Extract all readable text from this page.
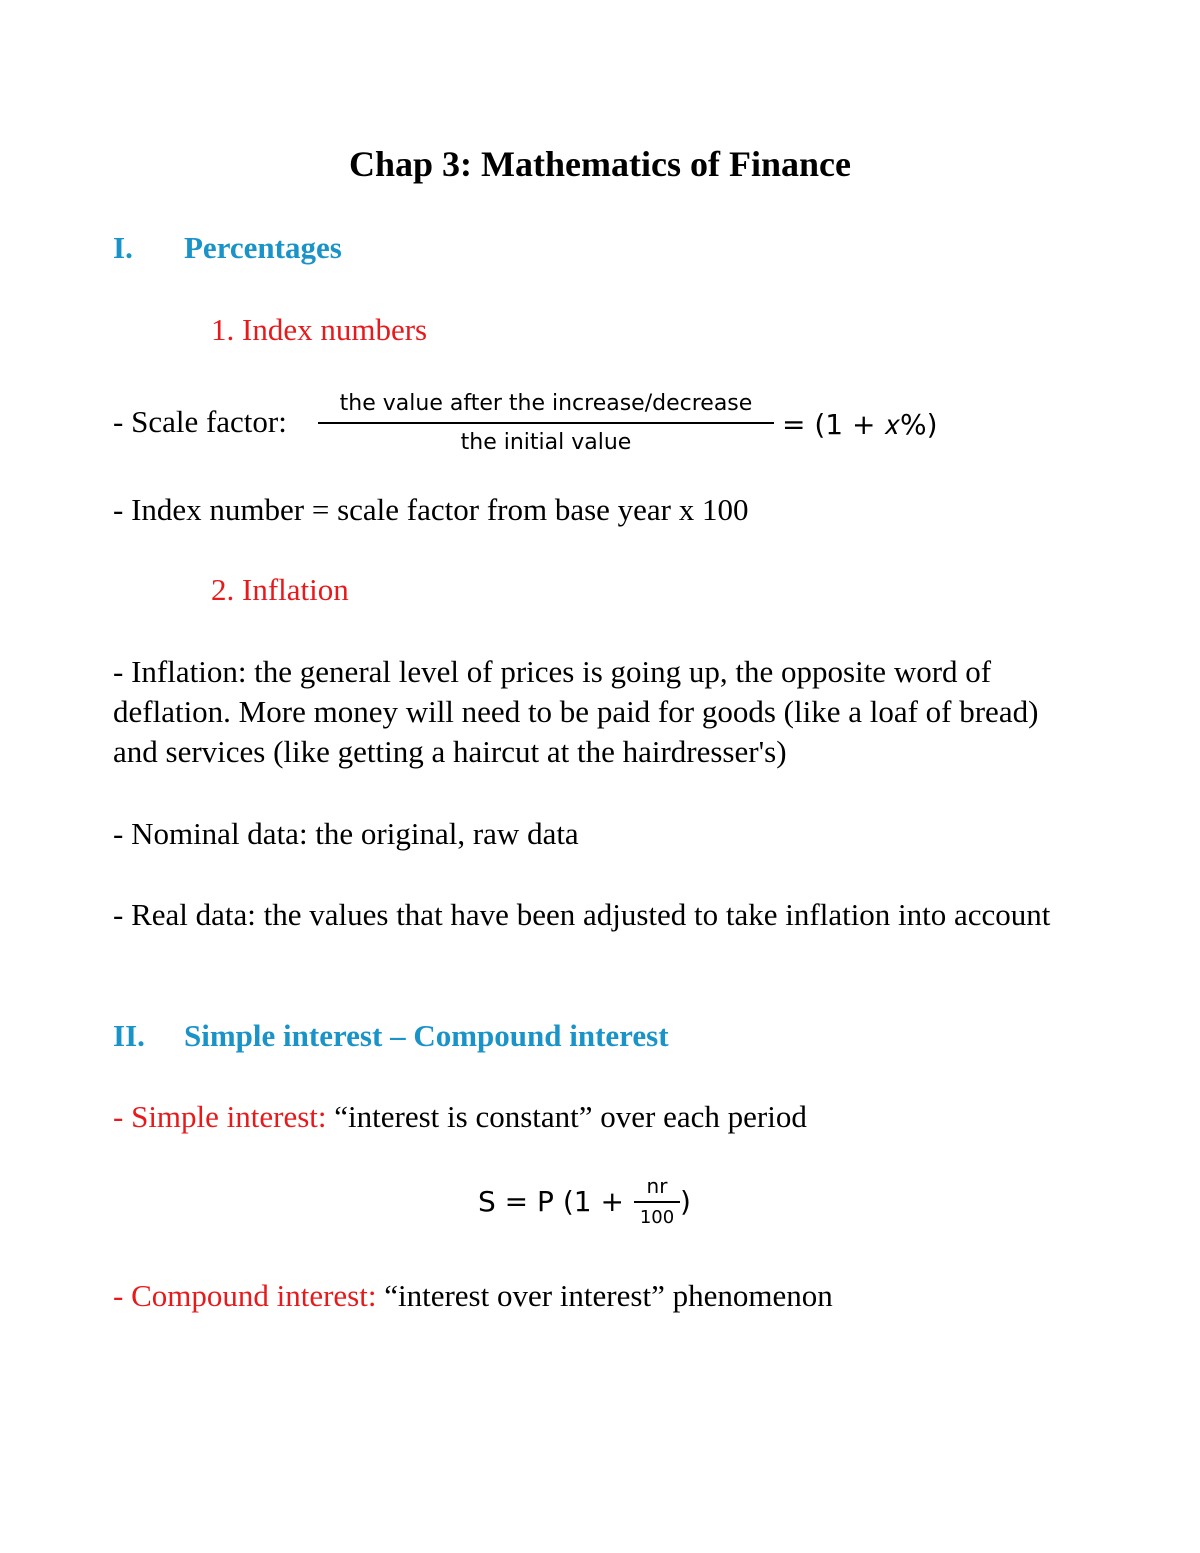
Chap 3: Mathematics of Finance
I. Percentages
1. Index numbers
- Scale factor:
the value after the increase/decrease
the initial value
= (1 + 𝑥%)
- Index number = scale factor from base year x 100
2. Inflation
- Inflation: the general level of prices is going up, the opposite word of deflation. More money will need to be paid for goods (like a loaf of bread) and services (like getting a haircut at the hairdresser's)
- Nominal data: the original, raw data
- Real data: the values that have been adjusted to take inflation into account
II. Simple interest – Compound interest
- Simple interest: “interest is constant” over each period
S = P (1 +	nr
100 )
- Compound interest: “interest over interest” phenomenon
